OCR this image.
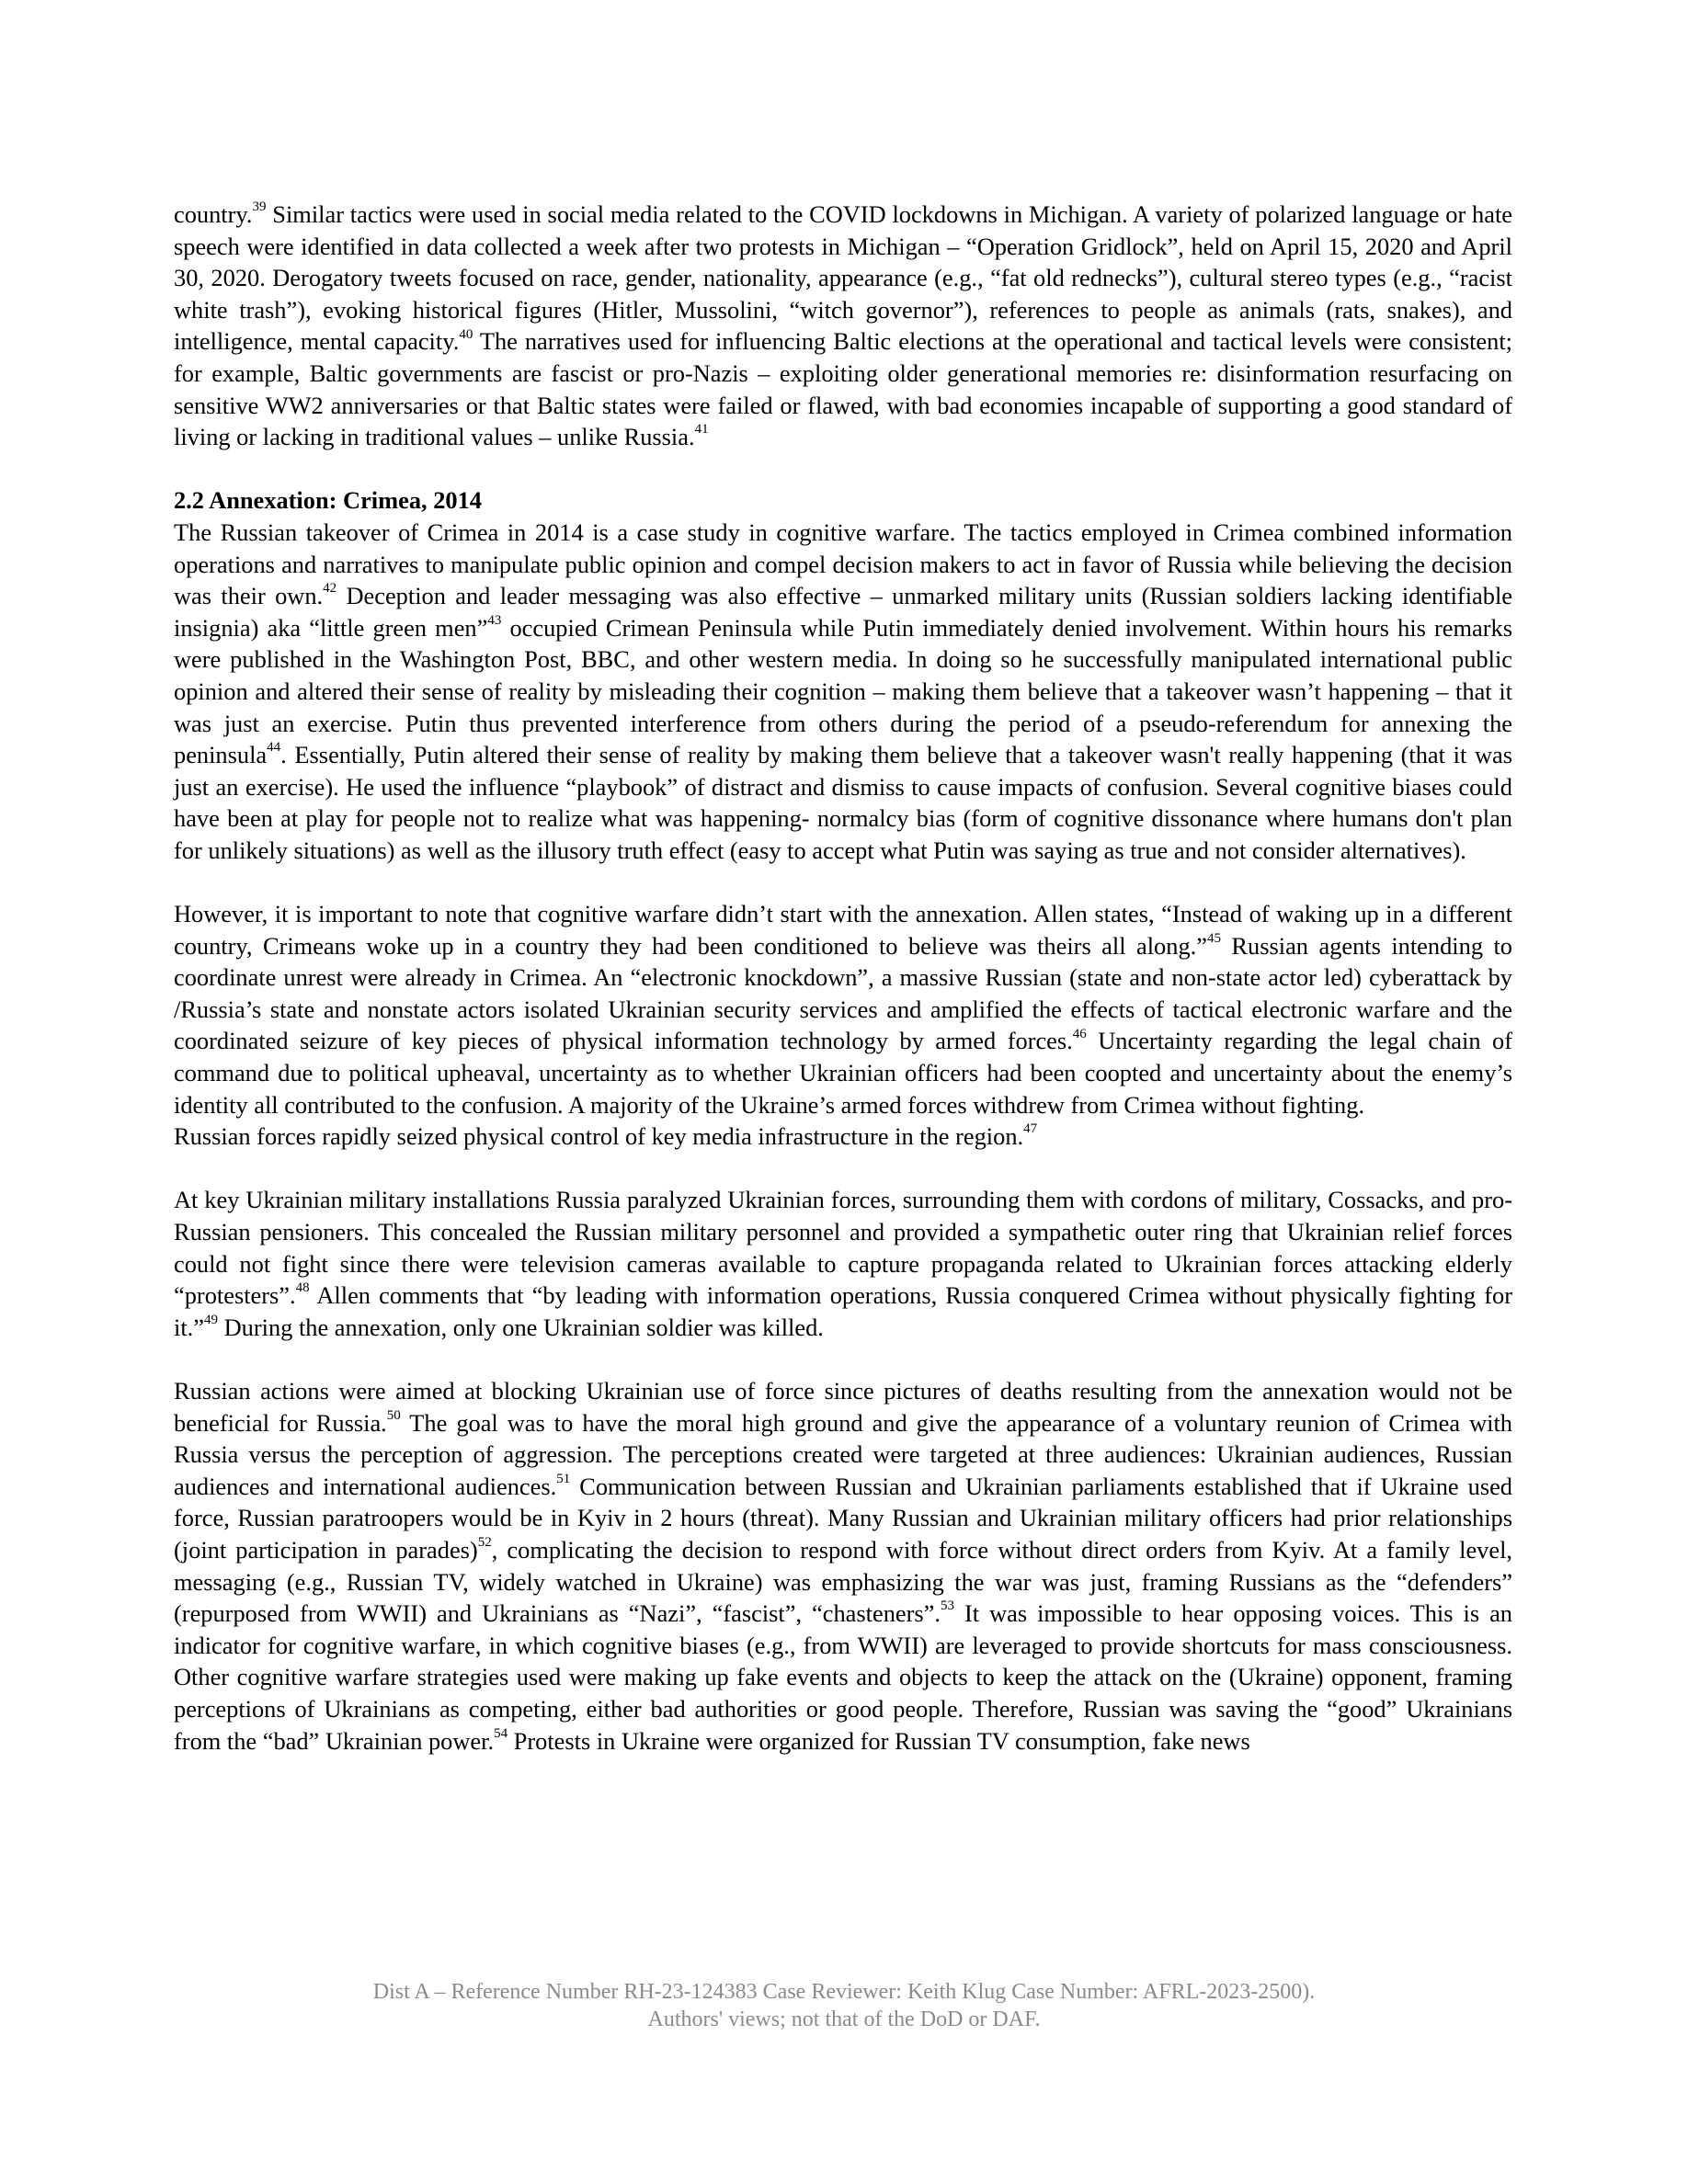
country.$^{39}$ Similar tactics were used in social media related to the COVID lockdowns in Michigan. A variety of polarized language or hate speech were identified in data collected a week after two protests in Michigan – “Operation Gridlock”, held on April 15, 2020 and April 30, 2020. Derogatory tweets focused on race, gender, nationality, appearance (e.g., “fat old rednecks”), cultural stereo types (e.g., “racist white trash”), evoking historical figures (Hitler, Mussolini, “witch governor”), references to people as animals (rats, snakes), and intelligence, mental capacity.$^{40}$ The narratives used for influencing Baltic elections at the operational and tactical levels were consistent; for example, Baltic governments are fascist or pro-Nazis – exploiting older generational memories re: disinformation resurfacing on sensitive WW2 anniversaries or that Baltic states were failed or flawed, with bad economies incapable of supporting a good standard of living or lacking in traditional values – unlike Russia.$^{41}$

2.2 Annexation: Crimea, 2014

The Russian takeover of Crimea in 2014 is a case study in cognitive warfare. The tactics employed in Crimea combined information operations and narratives to manipulate public opinion and compel decision makers to act in favor of Russia while believing the decision was their own.$^{42}$ Deception and leader messaging was also effective – unmarked military units (Russian soldiers lacking identifiable insignia) aka “little green men”$^{43}$ occupied Crimean Peninsula while Putin immediately denied involvement. Within hours his remarks were published in the Washington Post, BBC, and other western media. In doing so he successfully manipulated international public opinion and altered their sense of reality by misleading their cognition – making them believe that a takeover wasn’t happening – that it was just an exercise. Putin thus prevented interference from others during the period of a pseudo-referendum for annexing the peninsula$^{44}$. Essentially, Putin altered their sense of reality by making them believe that a takeover wasn't really happening (that it was just an exercise). He used the influence “playbook” of distract and dismiss to cause impacts of confusion. Several cognitive biases could have been at play for people not to realize what was happening- normalcy bias (form of cognitive dissonance where humans don't plan for unlikely situations) as well as the illusory truth effect (easy to accept what Putin was saying as true and not consider alternatives).

However, it is important to note that cognitive warfare didn’t start with the annexation. Allen states, “Instead of waking up in a different country, Crimeans woke up in a country they had been conditioned to believe was theirs all along.”$^{45}$ Russian agents intending to coordinate unrest were already in Crimea. An “electronic knockdown”, a massive Russian (state and non-state actor led) cyberattack by /Russia’s state and nonstate actors isolated Ukrainian security services and amplified the effects of tactical electronic warfare and the coordinated seizure of key pieces of physical information technology by armed forces.$^{46}$ Uncertainty regarding the legal chain of command due to political upheaval, uncertainty as to whether Ukrainian officers had been coopted and uncertainty about the enemy’s identity all contributed to the confusion. A majority of the Ukraine’s armed forces withdrew from Crimea without fighting.

Russian forces rapidly seized physical control of key media infrastructure in the region.$^{47}$

At key Ukrainian military installations Russia paralyzed Ukrainian forces, surrounding them with cordons of military, Cossacks, and pro-Russian pensioners. This concealed the Russian military personnel and provided a sympathetic outer ring that Ukrainian relief forces could not fight since there were television cameras available to capture propaganda related to Ukrainian forces attacking elderly “protesters”.$^{48}$ Allen comments that “by leading with information operations, Russia conquered Crimea without physically fighting for it.”$^{49}$ During the annexation, only one Ukrainian soldier was killed.

Russian actions were aimed at blocking Ukrainian use of force since pictures of deaths resulting from the annexation would not be beneficial for Russia.$^{50}$ The goal was to have the moral high ground and give the appearance of a voluntary reunion of Crimea with Russia versus the perception of aggression. The perceptions created were targeted at three audiences: Ukrainian audiences, Russian audiences and international audiences.$^{51}$ Communication between Russian and Ukrainian parliaments established that if Ukraine used force, Russian paratroopers would be in Kyiv in 2 hours (threat). Many Russian and Ukrainian military officers had prior relationships (joint participation in parades)$^{52}$, complicating the decision to respond with force without direct orders from Kyiv. At a family level, messaging (e.g., Russian TV, widely watched in Ukraine) was emphasizing the war was just, framing Russians as the “defenders” (repurposed from WWII) and Ukrainians as “Nazi”, “fascist”, “chasteners”.$^{53}$ It was impossible to hear opposing voices. This is an indicator for cognitive warfare, in which cognitive biases (e.g., from WWII) are leveraged to provide shortcuts for mass consciousness. Other cognitive warfare strategies used were making up fake events and objects to keep the attack on the (Ukraine) opponent, framing perceptions of Ukrainians as competing, either bad authorities or good people. Therefore, Russian was saving the “good” Ukrainians from the “bad” Ukrainian power.$^{54}$ Protests in Ukraine were organized for Russian TV consumption, fake news

Dist A – Reference Number RH-23-124383 Case Reviewer: Keith Klug Case Number: AFRL-2023-2500).
Authors' views; not that of the DoD or DAF.
